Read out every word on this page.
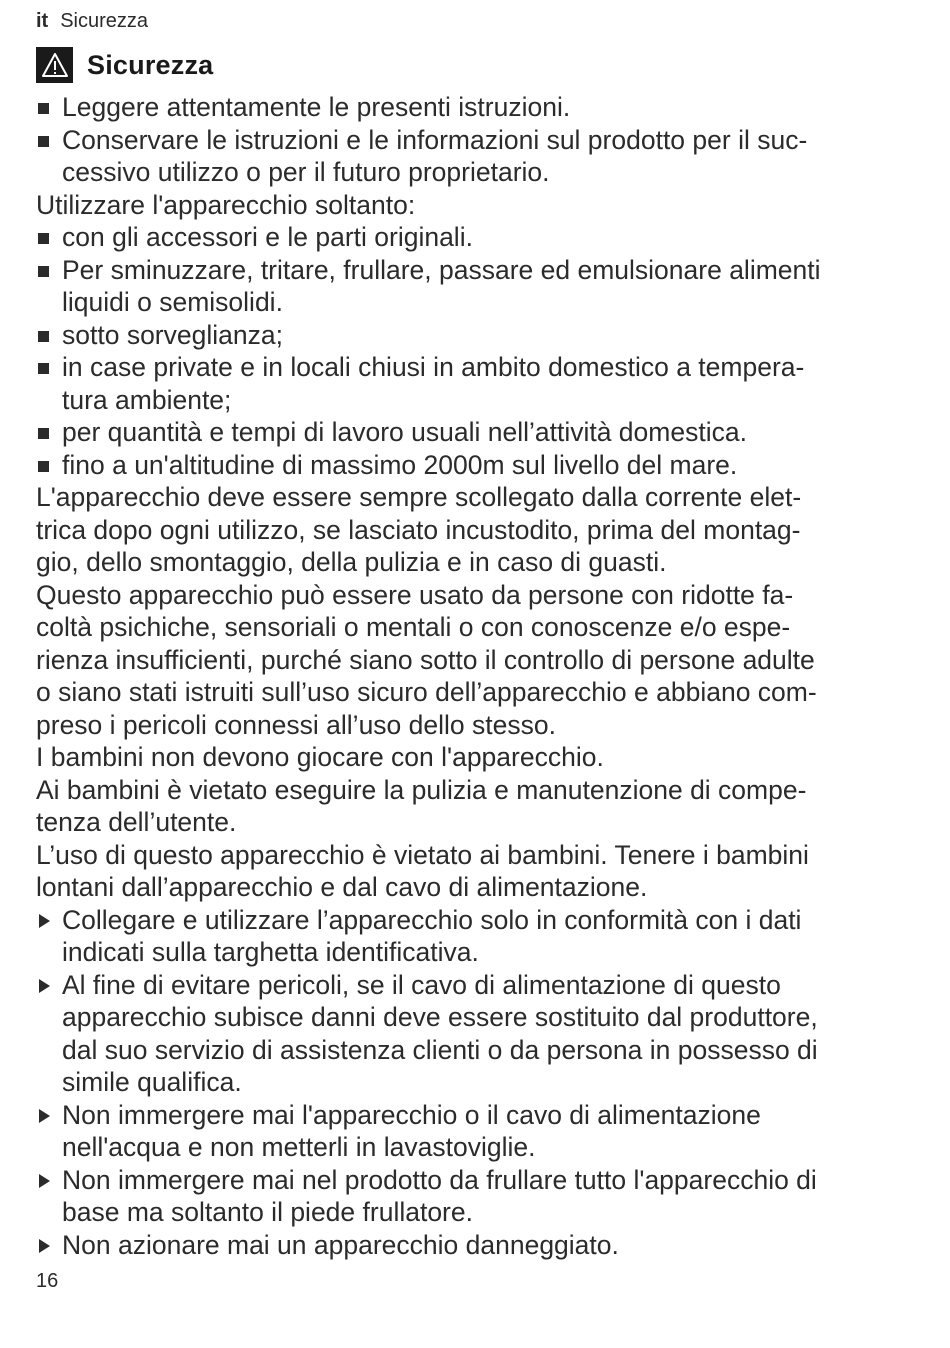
it Sicurezza
Sicurezza
Leggere attentamente le presenti istruzioni.
Conservare le istruzioni e le informazioni sul prodotto per il suc-
cessivo utilizzo o per il futuro proprietario.
Utilizzare l'apparecchio soltanto:
con gli accessori e le parti originali.
Per sminuzzare, tritare, frullare, passare ed emulsionare alimenti
liquidi o semisolidi.
sotto sorveglianza;
in case private e in locali chiusi in ambito domestico a tempera-
tura ambiente;
per quantità e tempi di lavoro usuali nell’attività domestica.
fino a un'altitudine di massimo 2000m sul livello del mare.
L'apparecchio deve essere sempre scollegato dalla corrente elet-
trica dopo ogni utilizzo, se lasciato incustodito, prima del montag-
gio, dello smontaggio, della pulizia e in caso di guasti.
Questo apparecchio può essere usato da persone con ridotte fa-
coltà psichiche, sensoriali o mentali o con conoscenze e/o espe-
rienza insufficienti, purché siano sotto il controllo di persone adulte
o siano stati istruiti sull’uso sicuro dell’apparecchio e abbiano com-
preso i pericoli connessi all’uso dello stesso.
I bambini non devono giocare con l'apparecchio.
Ai bambini è vietato eseguire la pulizia e manutenzione di compe-
tenza dell’utente.
L’uso di questo apparecchio è vietato ai bambini. Tenere i bambini
lontani dall’apparecchio e dal cavo di alimentazione.
Collegare e utilizzare l’apparecchio solo in conformità con i dati
indicati sulla targhetta identificativa.
Al fine di evitare pericoli, se il cavo di alimentazione di questo
apparecchio subisce danni deve essere sostituito dal produttore,
dal suo servizio di assistenza clienti o da persona in possesso di
simile qualifica.
Non immergere mai l'apparecchio o il cavo di alimentazione
nell'acqua e non metterli in lavastoviglie.
Non immergere mai nel prodotto da frullare tutto l'apparecchio di
base ma soltanto il piede frullatore.
Non azionare mai un apparecchio danneggiato.
16
